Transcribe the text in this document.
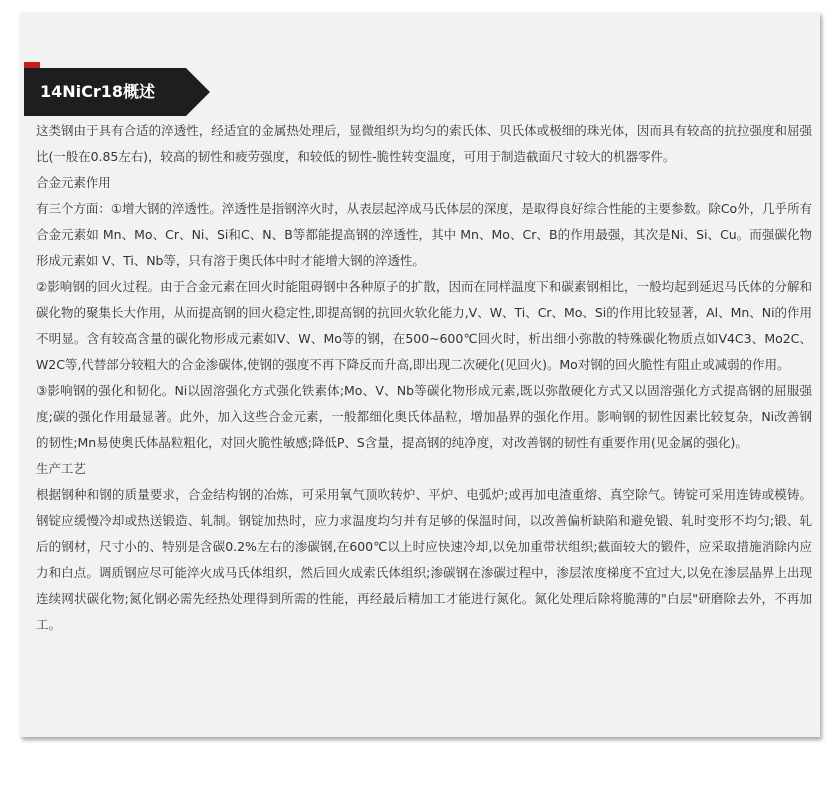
14NiCr18概述

这类钢由于具有合适的淬透性，经适宜的金属热处理后，显微组织为均匀的索氏体、贝氏体或极细的珠光体，因而具有较高的抗拉强度和屈强比(一般在0.85左右)，较高的韧性和疲劳强度，和较低的韧性-脆性转变温度，可用于制造截面尺寸较大的机器零件。

合金元素作用

有三个方面：①增大钢的淬透性。淬透性是指钢淬火时，从表层起淬成马氏体层的深度，是取得良好综合性能的主要参数。除Co外，几乎所有合金元素如 Mn、Mo、Cr、Ni、Si和C、N、B等都能提高钢的淬透性，其中 Mn、Mo、Cr、B的作用最强，其次是Ni、Si、Cu。而强碳化物形成元素如 V、Ti、Nb等，只有溶于奥氏体中时才能增大钢的淬透性。

②影响钢的回火过程。由于合金元素在回火时能阻碍钢中各种原子的扩散，因而在同样温度下和碳素钢相比，一般均起到延迟马氏体的分解和碳化物的聚集长大作用，从而提高钢的回火稳定性,即提高钢的抗回火软化能力,V、W、Ti、Cr、Mo、Si的作用比较显著，Al、Mn、Ni的作用不明显。含有较高含量的碳化物形成元素如V、W、Mo等的钢，在500~600℃回火时，析出细小弥散的特殊碳化物质点如V4C3、Mo2C、W2C等,代替部分较粗大的合金渗碳体,使钢的强度不再下降反而升高,即出现二次硬化(见回火)。Mo对钢的回火脆性有阻止或减弱的作用。

③影响钢的强化和韧化。Ni以固溶强化方式强化铁素体;Mo、V、Nb等碳化物形成元素,既以弥散硬化方式又以固溶强化方式提高钢的屈服强度;碳的强化作用最显著。此外，加入这些合金元素，一般都细化奥氏体晶粒，增加晶界的强化作用。影响钢的韧性因素比较复杂，Ni改善钢的韧性;Mn易使奥氏体晶粒粗化，对回火脆性敏感;降低P、S含量，提高钢的纯净度，对改善钢的韧性有重要作用(见金属的强化)。

生产工艺

根据钢种和钢的质量要求，合金结构钢的冶炼，可采用氧气顶吹转炉、平炉、电弧炉;或再加电渣重熔、真空除气。铸锭可采用连铸或模铸。钢锭应缓慢冷却或热送锻造、轧制。钢锭加热时，应力求温度均匀并有足够的保温时间，以改善偏析缺陷和避免锻、轧时变形不均匀;锻、轧后的钢材，尺寸小的、特别是含碳0.2%左右的渗碳钢,在600℃以上时应快速冷却,以免加重带状组织;截面较大的锻件，应采取措施消除内应力和白点。调质钢应尽可能淬火成马氏体组织，然后回火成索氏体组织;渗碳钢在渗碳过程中，渗层浓度梯度不宜过大,以免在渗层晶界上出现连续网状碳化物;氮化钢必需先经热处理得到所需的性能，再经最后精加工才能进行氮化。氮化处理后除将脆薄的"白层"研磨除去外，不再加工。
